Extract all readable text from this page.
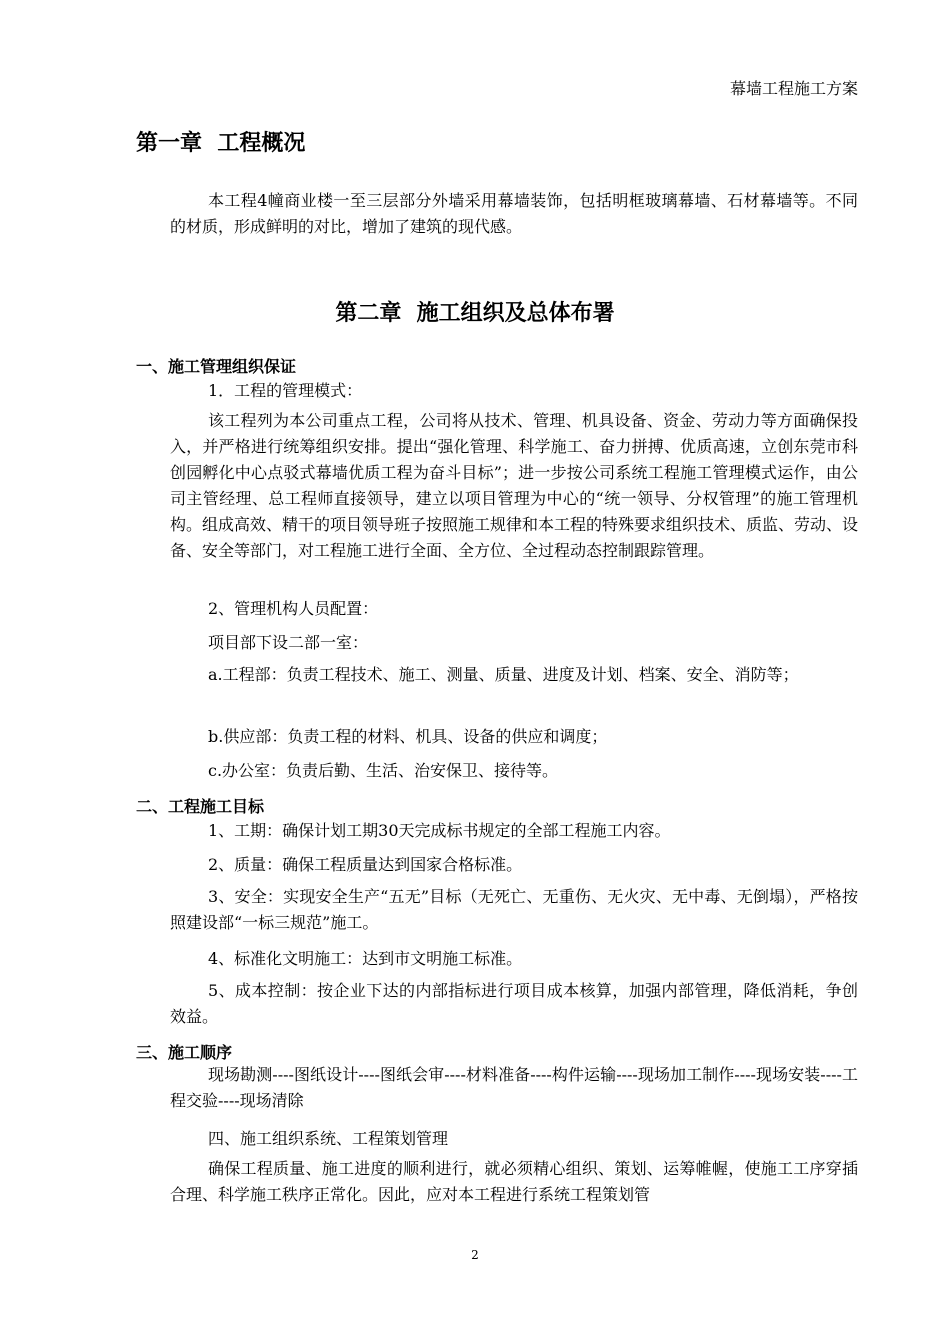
幕墙工程施工方案
第一章  工程概况
本工程4幢商业楼一至三层部分外墙采用幕墙装饰，包括明框玻璃幕墙、石材幕墙等。不同的材质，形成鲜明的对比，增加了建筑的现代感。
第二章  施工组织及总体布署
一、施工管理组织保证
1．工程的管理模式：
该工程列为本公司重点工程，公司将从技术、管理、机具设备、资金、劳动力等方面确保投入，并严格进行统筹组织安排。提出“强化管理、科学施工、奋力拼搏、优质高速，立创东莞市科创园孵化中心点驳式幕墙优质工程为奋斗目标”；进一步按公司系统工程施工管理模式运作，由公司主管经理、总工程师直接领导，建立以项目管理为中心的“统一领导、分权管理”的施工管理机构。组成高效、精干的项目领导班子按照施工规律和本工程的特殊要求组织技术、质监、劳动、设备、安全等部门，对工程施工进行全面、全方位、全过程动态控制跟踪管理。
2、管理机构人员配置：
项目部下设二部一室：
a.工程部：负责工程技术、施工、测量、质量、进度及计划、档案、安全、消防等；
b.供应部：负责工程的材料、机具、设备的供应和调度；
c.办公室：负责后勤、生活、治安保卫、接待等。
二、工程施工目标
1、工期：确保计划工期30天完成标书规定的全部工程施工内容。
2、质量：确保工程质量达到国家合格标准。
3、安全：实现安全生产“五无”目标（无死亡、无重伤、无火灾、无中毒、无倒塌），严格按照建设部“一标三规范”施工。
4、标准化文明施工：达到市文明施工标准。
5、成本控制：按企业下达的内部指标进行项目成本核算，加强内部管理，降低消耗，争创效益。
三、施工顺序
现场勘测----图纸设计----图纸会审----材料准备----构件运输----现场加工制作----现场安装----工程交验----现场清除
四、施工组织系统、工程策划管理
确保工程质量、施工进度的顺利进行，就必须精心组织、策划、运筹帷幄，使施工工序穿插合理、科学施工秩序正常化。因此，应对本工程进行系统工程策划管
2
